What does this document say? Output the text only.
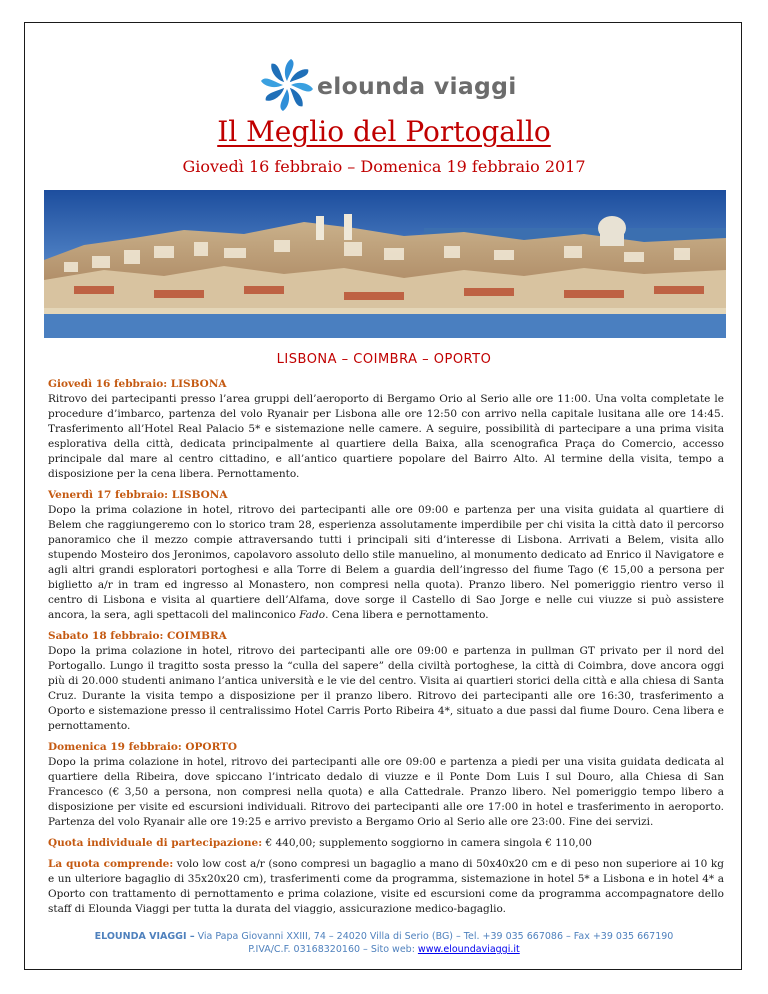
elounda viaggi
Il Meglio del Portogallo
Giovedì 16 febbraio – Domenica 19 febbraio 2017
LISBONA – COIMBRA – OPORTO
Giovedì 16 febbraio: LISBONA

Ritrovo dei partecipanti presso l’area gruppi dell’aeroporto di Bergamo Orio al Serio alle ore 11:00. Una volta completate le procedure d’imbarco, partenza del volo Ryanair per Lisbona alle ore 12:50 con arrivo nella capitale lusitana alle ore 14:45. Trasferimento all’Hotel Real Palacio 5* e sistemazione nelle camere. A seguire, possibilità di partecipare a una prima visita esplorativa della città, dedicata principalmente al quartiere della Baixa, alla scenografica Praça do Comercio, accesso principale dal mare al centro cittadino, e all’antico quartiere popolare del Bairro Alto. Al termine della visita, tempo a disposizione per la cena libera. Pernottamento.

Venerdì 17 febbraio: LISBONA

Dopo la prima colazione in hotel, ritrovo dei partecipanti alle ore 09:00 e partenza per una visita guidata al quartiere di Belem che raggiungeremo con lo storico tram 28, esperienza assolutamente imperdibile per chi visita la città dato il percorso panoramico che il mezzo compie attraversando tutti i principali siti d’interesse di Lisbona. Arrivati a Belem, visita allo stupendo Mosteiro dos Jeronimos, capolavoro assoluto dello stile manuelino, al monumento dedicato ad Enrico il Navigatore e agli altri grandi esploratori portoghesi e alla Torre di Belem a guardia dell’ingresso del fiume Tago (€ 15,00 a persona per biglietto a/r in tram ed ingresso al Monastero, non compresi nella quota). Pranzo libero. Nel pomeriggio rientro verso il centro di Lisbona e visita al quartiere dell’Alfama, dove sorge il Castello di Sao Jorge e nelle cui viuzze si può assistere ancora, la sera, agli spettacoli del malinconico Fado. Cena libera e pernottamento.

Sabato 18 febbraio: COIMBRA

Dopo la prima colazione in hotel, ritrovo dei partecipanti alle ore 09:00 e partenza in pullman GT privato per il nord del Portogallo. Lungo il tragitto sosta presso la “culla del sapere” della civiltà portoghese, la città di Coimbra, dove ancora oggi più di 20.000 studenti animano l’antica università e le vie del centro. Visita ai quartieri storici della città e alla chiesa di Santa Cruz. Durante la visita tempo a disposizione per il pranzo libero. Ritrovo dei partecipanti alle ore 16:30, trasferimento a Oporto e sistemazione presso il centralissimo Hotel Carris Porto Ribeira 4*, situato a due passi dal fiume Douro. Cena libera e pernottamento.

Domenica 19 febbraio: OPORTO

Dopo la prima colazione in hotel, ritrovo dei partecipanti alle ore 09:00 e partenza a piedi per una visita guidata dedicata al quartiere della Ribeira, dove spiccano l’intricato dedalo di viuzze e il Ponte Dom Luis I sul Douro, alla Chiesa di San Francesco (€ 3,50 a persona, non compresi nella quota) e alla Cattedrale. Pranzo libero. Nel pomeriggio tempo libero a disposizione per visite ed escursioni individuali. Ritrovo dei partecipanti alle ore 17:00 in hotel e trasferimento in aeroporto. Partenza del volo Ryanair alle ore 19:25 e arrivo previsto a Bergamo Orio al Serio alle ore 23:00. Fine dei servizi.

Quota individuale di partecipazione: € 440,00; supplemento soggiorno in camera singola € 110,00
La quota comprende: volo low cost a/r (sono compresi un bagaglio a mano di 50x40x20 cm e di peso non superiore ai 10 kg e un ulteriore bagaglio di 35x20x20 cm), trasferimenti come da programma, sistemazione in hotel 5* a Lisbona e in hotel 4* a Oporto con trattamento di pernottamento e prima colazione, visite ed escursioni come da programma accompagnatore dello staff di Elounda Viaggi per tutta la durata del viaggio, assicurazione medico-bagaglio.
ELOUNDA VIAGGI – Via Papa Giovanni XXIII, 74 – 24020 Villa di Serio (BG) – Tel. +39 035 667086 – Fax +39 035 667190
P.IVA/C.F. 03168320160 – Sito web: www.eloundaviaggi.it
